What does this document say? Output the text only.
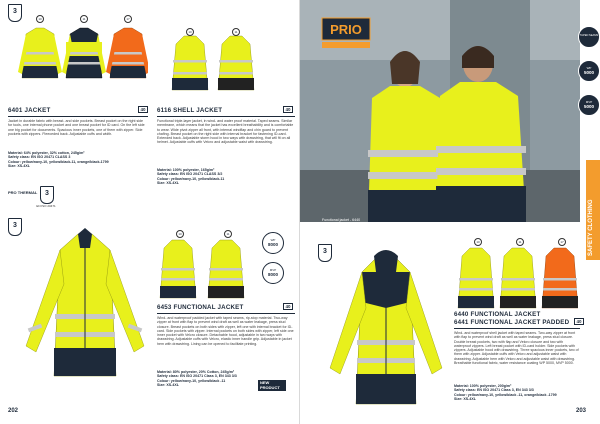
3
10	11	17
10	11
6401 JACKET	40
Jacket in durable fabric with breast- and side pockets. Breast pocket on the right side for tools, one internal phone pocket and one breast pocket for ID card. On the left side one big pocket for documents. Spacious inner pockets, one of them with zipper. Side pockets with zippers. Fleeceded back. Adjustable cuffs and width.
Material: 64% polyester, 32% cotton, 245g/m²
Safety class: EN ISO 20471 CLASS 3
Colour: yellow/navy-10, yellow/black-11, orange/black-1799
Size: XS-4XL
PRO THERMAL	3
EN ISO 20471
6116 SHELL JACKET	40
Functional triple-layer jacket, in wind- and water proof material. Taped seams. Similar membrane, which means that the jacket has excellent breathability and is comfortable to wear. Wide pivot zipper all front, with internal windflap and chin guard to prevent chafing. Breast pocket on the right side with internal bracket for fastening ID-card. Extended back. Adjustable storm hood in two ways with drawstring, that will fit on all helmet. Adjustable cuffs with Velcro and adjustable waist with drawstring.
Material: 100% polyester, 165g/m²
Safety class: EN ISO 20471 CLASS 3/2
Colour: yellow/navy-10, yellow/black-11
Size: XS-4XL
3
10	11
WP
8000
MVP
8000
6453 FUNCTIONAL JACKET	40
Wind- and waterproof padded jacket with taped seams, rip-stop material. Two-way zipper at front with flap to prevent wind draft as well as water leakage, press stud closure. Breast pockets on both sides with zipper, left one with internal bracket for ID-card. Side pockets with zipper. Internal pockets on both sides with zipper, left side one inner pocket with Velcro closure. Detachable hood, adjustable in two ways with drawstring. Adjustable cuffs with Velcro, elastic inner handle grip. Adjustable in jacket hem with drawstring. Lining can be opened to facilitate printing.
Material: 80% polyester, 20% Cotton, 245g/m²
Safety class: EN ISO 20471 Class 3, EN 343 3/3
Colour: yellow/navy-10, yellow/black -11
Size: XS-4XL	NEW PRODUCT
202
PRIO
Functional jacket - 6440
TAPED SEAMS
WP
5000
MVP
5000
SAFETY CLOTHING
3
10	11	17
6440 FUNCTIONAL JACKET
6441 FUNCTIONAL JACKET PADDED	40
Wind- and waterproof shell jacket with taped seams. Two-way zipper at front with flap to prevent wind draft as well as water leakage, press stud closure. Double breast pockets, two with flap and Velcro closure and two with waterproof zippers. Left breast pocket with ID-card holder. Side pockets with zippers. Adjustable hood with drawstring. Three spacious inner pockets, two of them with zipper. Adjustable cuffs with Velcro and adjustable waist with drawstring. Adjustable hem with Velcro and adjustable waist with drawstring. Breathable functional fabric, water resistance coating WP 5000, MVP 5000.
Material: 100% polyester, 200g/m²
Safety class: EN ISO 20471 Class 3, EN 343 3/3
Colour: yellow/navy-10, yellow/black -11, orange/black -1799
Size: XS-4XL
203
